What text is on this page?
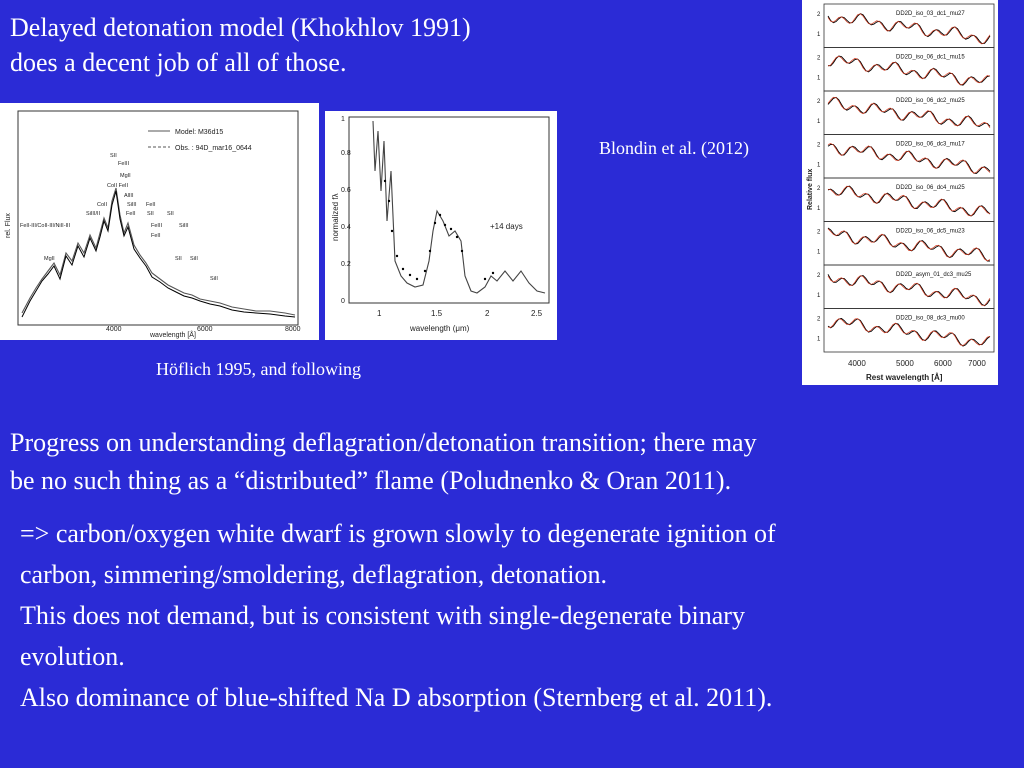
Delayed detonation model (Khokhlov 1991)
does a decent job of all of those.
Model: M36d15
Obs. : 94D_mar16_0644
rel. Flux
wavelength [Å]
4000	6000	8000
SII
FeIII
MgII
CoII FeII
AlIII
CoII	SiIII FeII
SiIII/II	FeII SII SII
FeII-III/CoII-III/NiII-III	FeIII	SiIII
FeII
MgII	SII SiII
SiII
normalized fλ	+14 days
wavelength (μm)
1	1.5	2	2.5
0
0.2
0.4
0.6
0.8
1
Höflich 1995, and following
Blondin et al. (2012)
Relative flux
Rest wavelength [Å]
4000	5000	6000 7000
DD2D_iso_03_dc1_mu27
2
1
DD2D_iso_06_dc1_mu15
2
1
DD2D_iso_06_dc2_mu25
2
1
DD2D_iso_06_dc3_mu17
2
1
DD2D_iso_06_dc4_mu25
2
1
DD2D_iso_06_dc5_mu23
2
1
DD2D_asym_01_dc3_mu25
2
1
DD2D_iso_08_dc3_mu00
2
1
Progress on understanding deflagration/detonation transition; there may
be no such thing as a “distributed” flame (Poludnenko & Oran 2011).
=> carbon/oxygen white dwarf is grown slowly to degenerate ignition of
carbon, simmering/smoldering, deflagration, detonation.
This does not demand, but is consistent with single-degenerate binary
evolution.
Also dominance of blue-shifted Na D absorption (Sternberg et al. 2011).
